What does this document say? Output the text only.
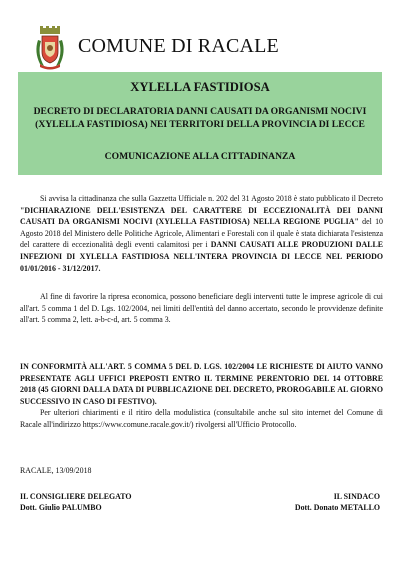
COMUNE DI RACALE
XYLELLA FASTIDIOSA
DECRETO DI DECLARATORIA DANNI CAUSATI DA ORGANISMI NOCIVI (XYLELLA FASTIDIOSA) NEI TERRITORI DELLA PROVINCIA DI LECCE
COMUNICAZIONE ALLA CITTADINANZA
Si avvisa la cittadinanza che sulla Gazzetta Ufficiale n. 202 del 31 Agosto 2018 è stato pubblicato il Decreto "DICHIARAZIONE DELL'ESISTENZA DEL CARATTERE DI ECCEZIONALITÀ DEI DANNI CAUSATI DA ORGANISMI NOCIVI (XYLELLA FASTIDIOSA) NELLA REGIONE PUGLIA" del 10 Agosto 2018 del Ministero delle Politiche Agricole, Alimentari e Forestali con il quale è stata dichiarata l'esistenza del carattere di eccezionalità degli eventi calamitosi per i DANNI CAUSATI ALLE PRODUZIONI DALLE INFEZIONI DI XYLELLA FASTIDIOSA NELL'INTERA PROVINCIA DI LECCE NEL PERIODO 01/01/2016 - 31/12/2017.
Al fine di favorire la ripresa economica, possono beneficiare degli interventi tutte le imprese agricole di cui all'art. 5 comma 1 del D. Lgs. 102/2004, nei limiti dell'entità del danno accertato, secondo le provvidenze definite all'art. 5 comma 2, lett. a-b-c-d, art. 5 comma 3.
IN CONFORMITÀ ALL'ART. 5 COMMA 5 DEL D. LGS. 102/2004 LE RICHIESTE DI AIUTO VANNO PRESENTATE AGLI UFFICI PREPOSTI ENTRO IL TERMINE PERENTORIO DEL 14 OTTOBRE 2018 (45 GIORNI DALLA DATA DI PUBBLICAZIONE DEL DECRETO, PROROGABILE AL GIORNO SUCCESSIVO IN CASO DI FESTIVO).
Per ulteriori chiarimenti e il ritiro della modulistica (consultabile anche sul sito internet del Comune di Racale all'indirizzo https://www.comune.racale.gov.it/) rivolgersi all'Ufficio Protocollo.
RACALE, 13/09/2018
IL CONSIGLIERE DELEGATO
Dott. Giulio PALUMBO
IL SINDACO
Dott. Donato METALLO
